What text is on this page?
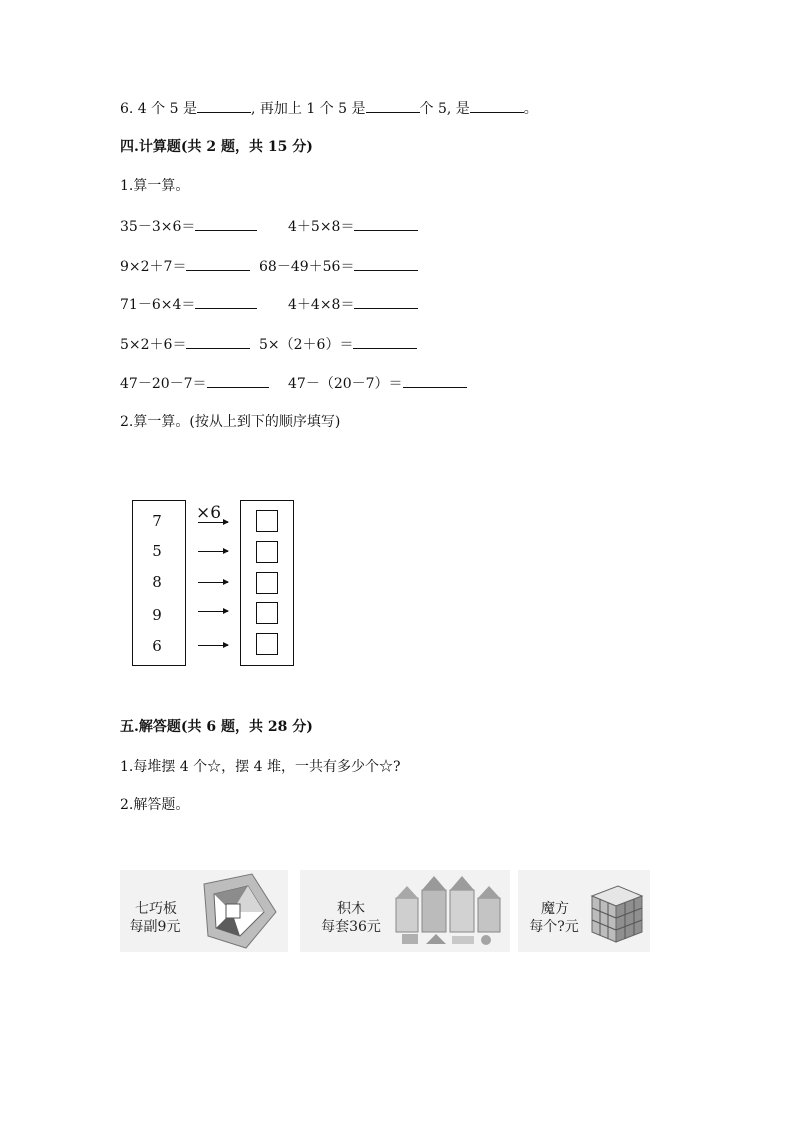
6. 4 个 5 是	, 再加上 1 个 5 是	个 5, 是	。
四.计算题(共 2 题，共 15 分)
1.算一算。
35－3×6＝	4＋5×8＝
9×2＋7＝	68－49＋56＝
71－6×4＝	4＋4×8＝
5×2＋6＝	5×（2＋6）＝
47－20－7＝	47－（20－7）＝
2.算一算。(按从上到下的顺序填写)
7
5
8
9
6
×6
五.解答题(共 6 题，共 28 分)
1.每堆摆 4 个☆，摆 4 堆，一共有多少个☆?
2.解答题。
七巧板
每副9元
积木
每套36元
魔方
每个?元
